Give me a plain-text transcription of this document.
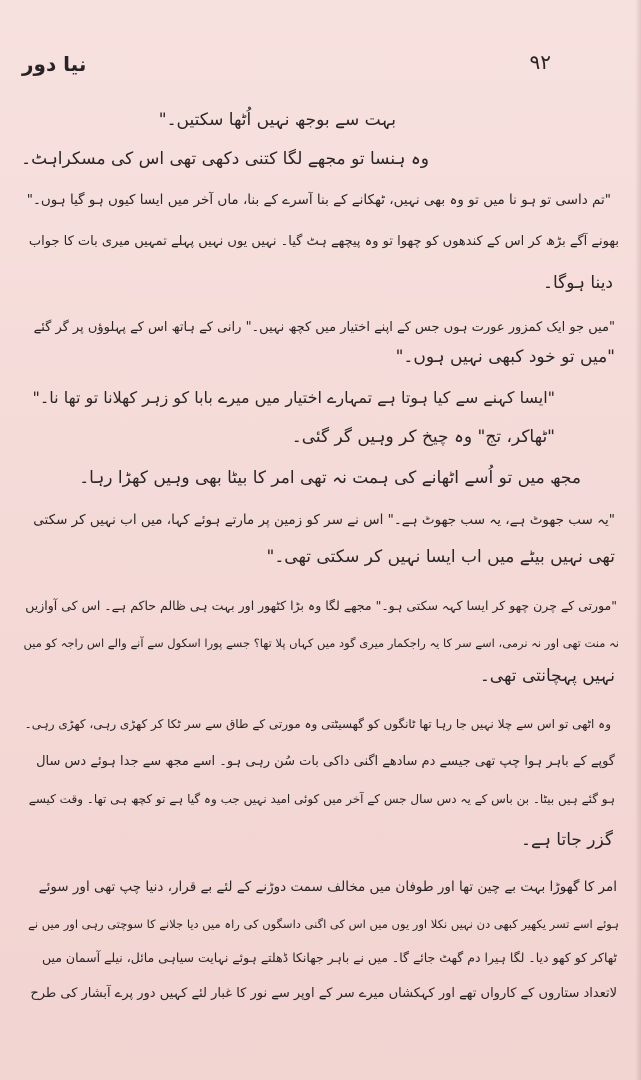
۹۲
نیا دور
بہت سے بوجھ نہیں اُٹھا سکتیں۔"
وہ ہنسا تو مجھے لگا کتنی دکھی تھی اس کی مسکراہٹ۔
"تم داسی تو ہو نا میں تو وہ بھی نہیں، ٹھکانے کے بنا آسرے کے بنا، ماں آخر میں ایسا کیوں ہو گیا ہوں۔"
بھونے آگے بڑھ کر اس کے کندھوں کو چھوا تو وہ پیچھے ہٹ گیا۔ نہیں یوں نہیں پہلے تمہیں میری بات کا جواب
دینا ہوگا۔
"میں جو ایک کمزور عورت ہوں جس کے اپنے اختیار میں کچھ نہیں۔" رانی کے ہاتھ اس کے پہلوؤں پر گر گئے
"میں تو خود کبھی نہیں ہوں۔"
"ایسا کہنے سے کیا ہوتا ہے تمہارے اختیار میں میرے بابا کو زہر کھلانا تو تھا نا۔"
"ٹھاکر، تج" وہ چیخ کر وہیں گر گئی۔
مجھ میں تو اُسے اٹھانے کی ہمت نہ تھی امر کا بیٹا بھی وہیں کھڑا رہا۔
"یہ سب جھوٹ ہے، یہ سب جھوٹ ہے۔" اس نے سر کو زمین پر مارتے ہوئے کہا، میں اب نہیں کر سکتی
تھی نہیں بیٹے میں اب ایسا نہیں کر سکتی تھی۔"
"مورتی کے چرن چھو کر ایسا کہہ سکتی ہو۔" مجھے لگا وہ بڑا کٹھور اور بہت ہی ظالم حاکم ہے۔ اس کی آوازیں
نہ منت تھی اور نہ نرمی، اسے سر کا یہ راجکمار میری گود میں کہاں پلا تھا؟ جسے پورا اسکول سے آنے والے اس راجہ کو میں
نہیں پہچانتی تھی۔
وہ اٹھی تو اس سے چلا نہیں جا رہا تھا ٹانگوں کو گھسیٹتی وہ مورتی کے طاق سے سر ٹکا کر کھڑی رہی، کھڑی رہی۔
گوپے کے باہر ہوا چپ تھی جیسے دم سادھے اگنی داکی بات سُن رہی ہو۔ اسے مجھ سے جدا ہوئے دس سال
ہو گئے ہیں بیٹا۔ بن باس کے یہ دس سال جس کے آخر میں کوئی امید نہیں جب وہ گیا ہے تو کچھ ہی تھا۔ وقت کیسے
گزر جاتا ہے۔
امر کا گھوڑا بہت بے چین تھا اور طوفان میں مخالف سمت دوڑنے کے لئے بے قرار، دنیا چپ تھی اور سوئے
ہوئے اسے تسر یکھیر کبھی دن نہیں نکلا اور یوں میں اس کی اگنی داسگوں کی راہ میں دیا جلانے کا سوچتی رہی اور میں نے
ٹھاکر کو کھو دیا۔ لگا ہیرا دم گھٹ جائے گا۔ میں نے باہر جھانکا ڈھلتے ہوئے نہایت سیاہی مائل، نیلے آسمان میں
لاتعداد ستاروں کے کارواں تھے اور کہکشاں میرے سر کے اوپر سے نور کا غبار لئے کہیں دور پرے آبشار کی طرح
